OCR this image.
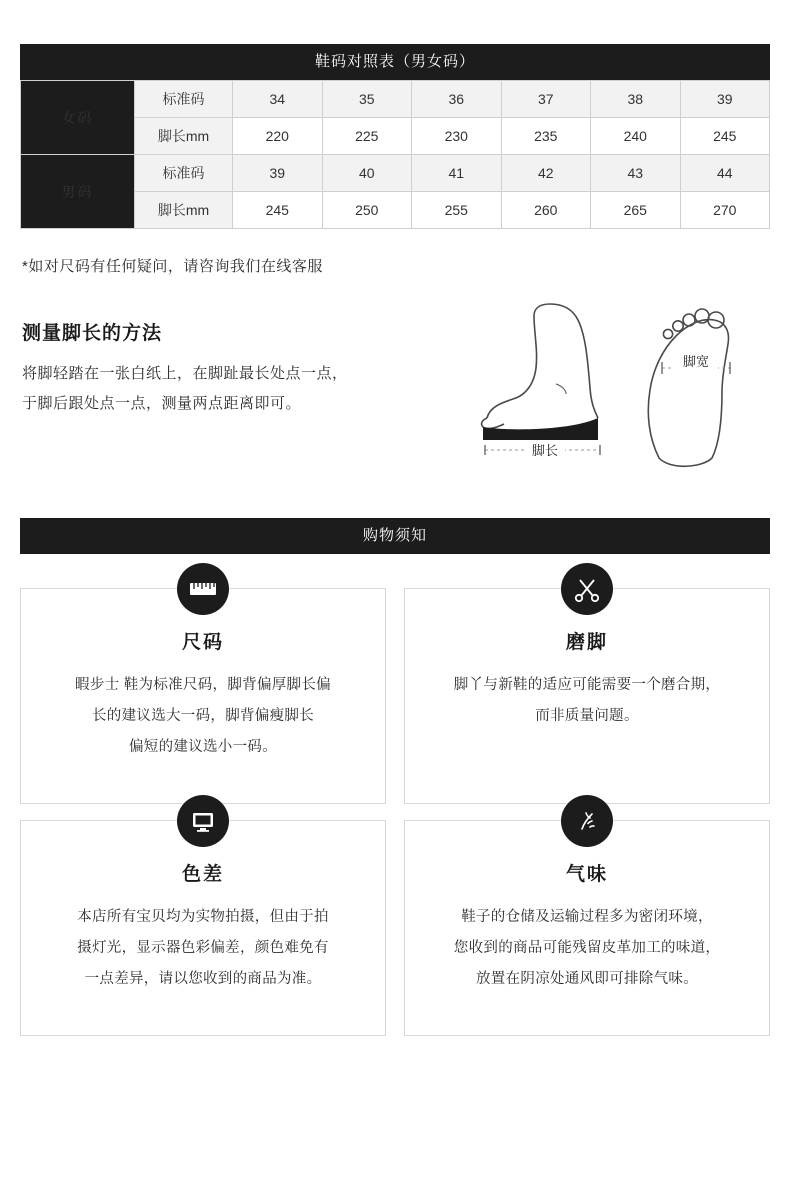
鞋码对照表（男女码）
女码	标准码	34	35	36	37	38	39
	脚长mm	220	225	230	235	240	245
男码	标准码	39	40	41	42	43	44
	脚长mm	245	250	255	260	265	270
*如对尺码有任何疑问，请咨询我们在线客服
测量脚长的方法

将脚轻踏在一张白纸上，在脚趾最长处点一点，

于脚后跟处点一点，测量两点距离即可。

脚长
脚宽
购物须知
尺码

暇步士 鞋为标准尺码，脚背偏厚脚长偏

长的建议选大一码，脚背偏瘦脚长

偏短的建议选小一码。

磨脚

脚丫与新鞋的适应可能需要一个磨合期，

而非质量问题。

色差

本店所有宝贝均为实物拍摄，但由于拍

摄灯光，显示器色彩偏差，颜色难免有

一点差异，请以您收到的商品为准。

气味

鞋子的仓储及运输过程多为密闭环境，

您收到的商品可能残留皮革加工的味道，

放置在阴凉处通风即可排除气味。
